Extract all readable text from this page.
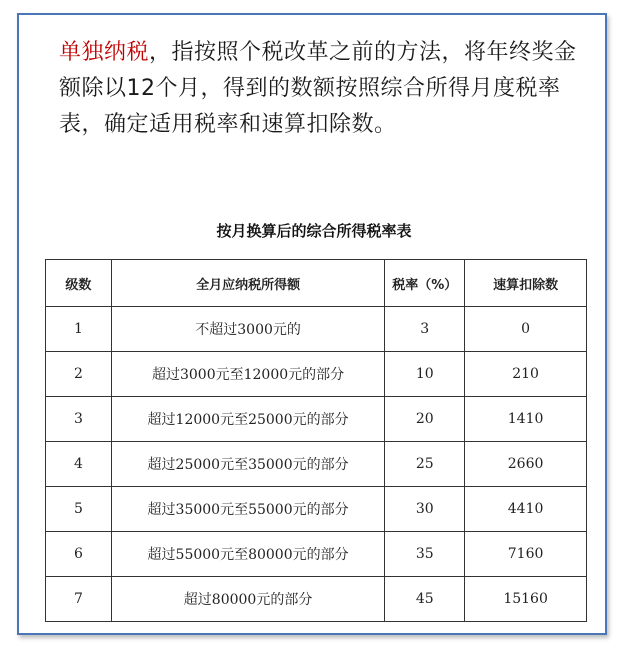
单独纳税，指按照个税改革之前的方法，将年终奖金额除以12个月，得到的数额按照综合所得月度税率表，确定适用税率和速算扣除数。
按月换算后的综合所得税率表
级数	全月应纳税所得额	税率（%）	速算扣除数
1	不超过3000元的	3	0
2	超过3000元至12000元的部分	10	210
3	超过12000元至25000元的部分	20	1410
4	超过25000元至35000元的部分	25	2660
5	超过35000元至55000元的部分	30	4410
6	超过55000元至80000元的部分	35	7160
7	超过80000元的部分	45	15160
